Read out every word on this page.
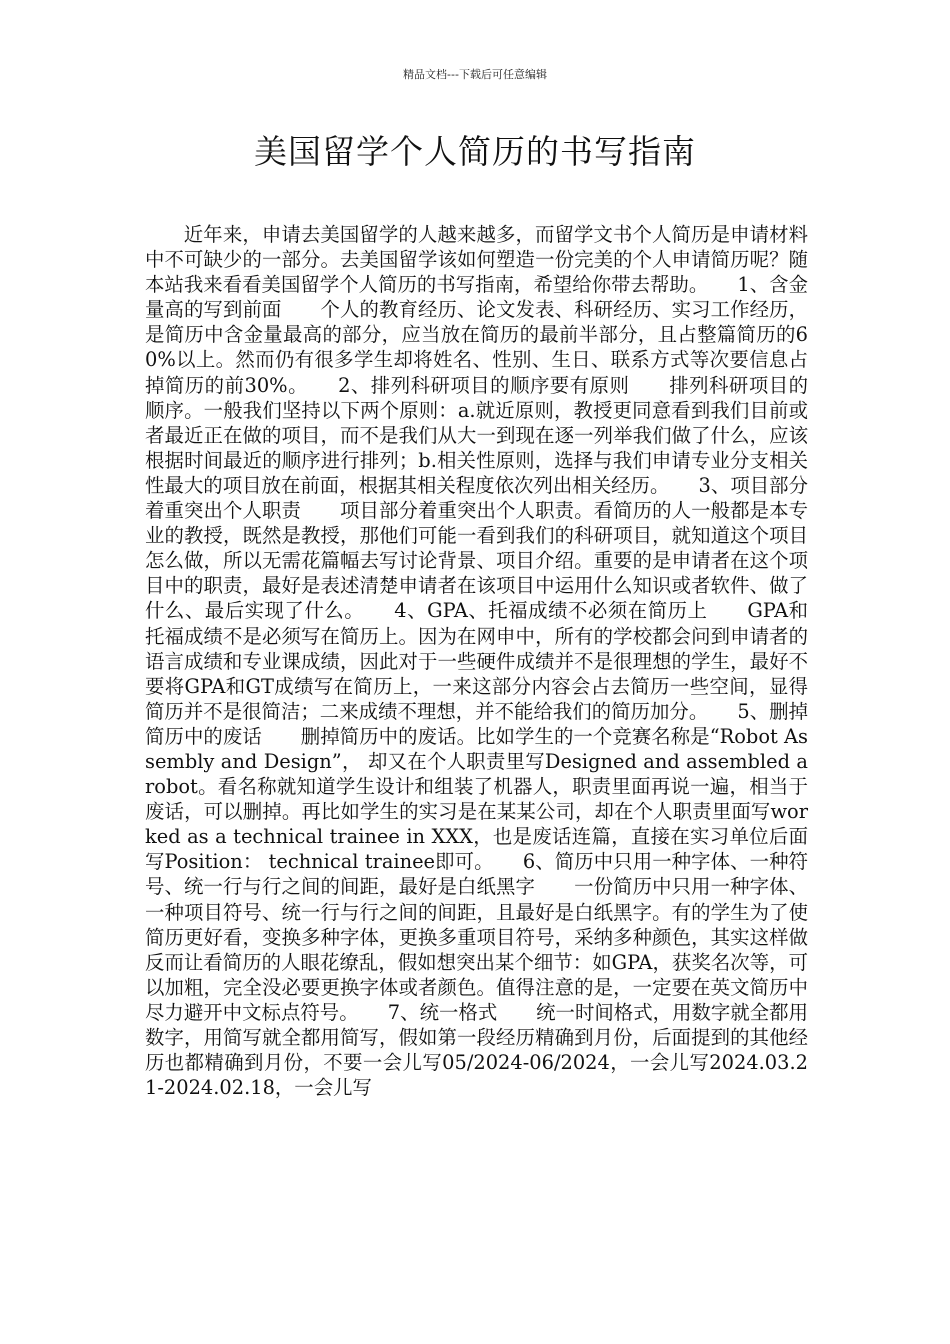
精品文档---下载后可任意编辑
美国留学个人简历的书写指南

近年来，申请去美国留学的人越来越多，而留学文书个人简历是申请材料中不可缺少的一部分。去美国留学该如何塑造一份完美的个人申请简历呢？随本站我来看看美国留学个人简历的书写指南，希望给你带去帮助。　　1、含金量高的写到前面　　个人的教育经历、论文发表、科研经历、实习工作经历，是简历中含金量最高的部分，应当放在简历的最前半部分，且占整篇简历的60%以上。然而仍有很多学生却将姓名、性别、生日、联系方式等次要信息占掉简历的前30%。　　2、排列科研项目的顺序要有原则　　排列科研项目的顺序。一般我们坚持以下两个原则：a.就近原则，教授更同意看到我们目前或者最近正在做的项目，而不是我们从大一到现在逐一列举我们做了什么，应该根据时间最近的顺序进行排列；b.相关性原则，选择与我们申请专业分支相关性最大的项目放在前面，根据其相关程度依次列出相关经历。　　3、项目部分着重突出个人职责　　项目部分着重突出个人职责。看简历的人一般都是本专业的教授，既然是教授，那他们可能一看到我们的科研项目，就知道这个项目怎么做，所以无需花篇幅去写讨论背景、项目介绍。重要的是申请者在这个项目中的职责，最好是表述清楚申请者在该项目中运用什么知识或者软件、做了什么、最后实现了什么。　　4、GPA、托福成绩不必须在简历上　　GPA和托福成绩不是必须写在简历上。因为在网申中，所有的学校都会问到申请者的语言成绩和专业课成绩，因此对于一些硬件成绩并不是很理想的学生，最好不要将GPA和GT成绩写在简历上，一来这部分内容会占去简历一些空间，显得简历并不是很简洁；二来成绩不理想，并不能给我们的简历加分。　　5、删掉简历中的废话　　删掉简历中的废话。比如学生的一个竞赛名称是“Robot Assembly and Design”， 却又在个人职责里写Designed and assembled a robot。看名称就知道学生设计和组装了机器人，职责里面再说一遍，相当于废话，可以删掉。再比如学生的实习是在某某公司，却在个人职责里面写worked as a technical trainee in XXX，也是废话连篇，直接在实习单位后面写Position： technical trainee即可。　　6、简历中只用一种字体、一种符号、统一行与行之间的间距，最好是白纸黑字　　一份简历中只用一种字体、一种项目符号、统一行与行之间的间距，且最好是白纸黑字。有的学生为了使简历更好看，变换多种字体，更换多重项目符号，采纳多种颜色，其实这样做反而让看简历的人眼花缭乱，假如想突出某个细节：如GPA，获奖名次等，可以加粗，完全没必要更换字体或者颜色。值得注意的是，一定要在英文简历中尽力避开中文标点符号。　　7、统一格式　　统一时间格式，用数字就全都用数字，用简写就全都用简写，假如第一段经历精确到月份，后面提到的其他经历也都精确到月份，不要一会儿写05/2024-06/2024，一会儿写2024.03.21-2024.02.18，一会儿写
